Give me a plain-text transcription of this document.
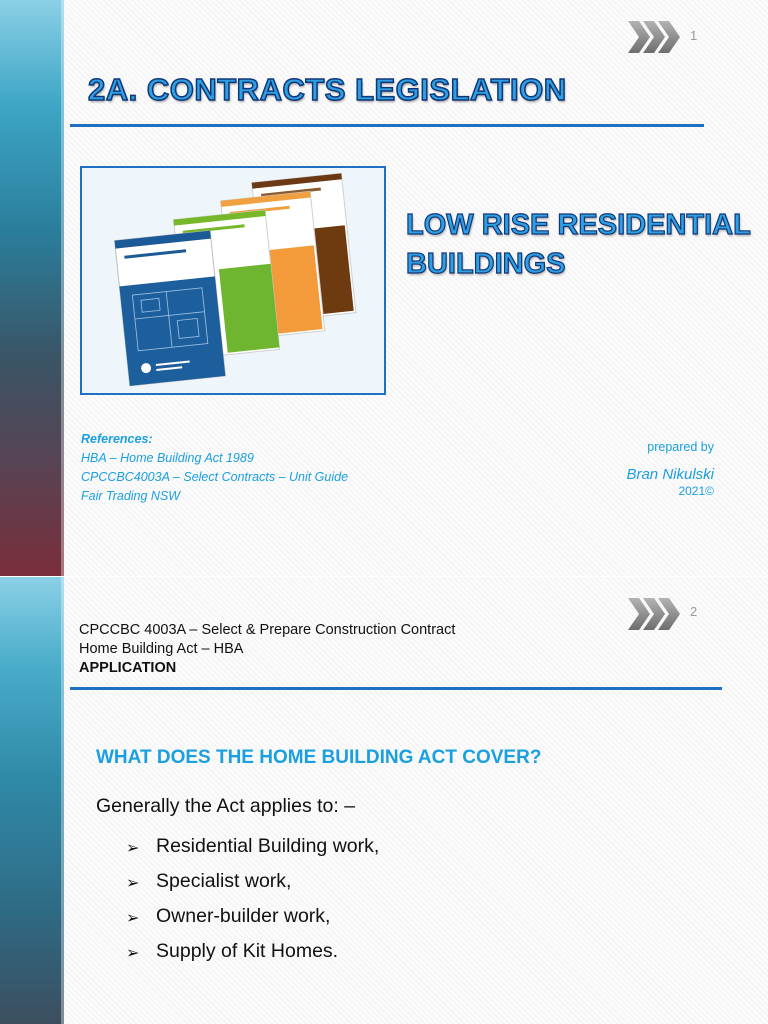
1
2A. CONTRACTS LEGISLATION
LOW RISE RESIDENTIAL
BUILDINGS
References:
HBA – Home Building Act 1989
CPCCBC4003A – Select Contracts – Unit Guide
Fair Trading NSW
prepared by
Bran Nikulski
2021©
2
CPCCBC 4003A – Select & Prepare Construction Contract
Home Building Act – HBA
APPLICATION
WHAT DOES THE HOME BUILDING ACT COVER?
Generally the Act applies to: –
➢ Residential Building work,
➢ Specialist work,
➢ Owner-builder work,
➢ Supply of Kit Homes.
